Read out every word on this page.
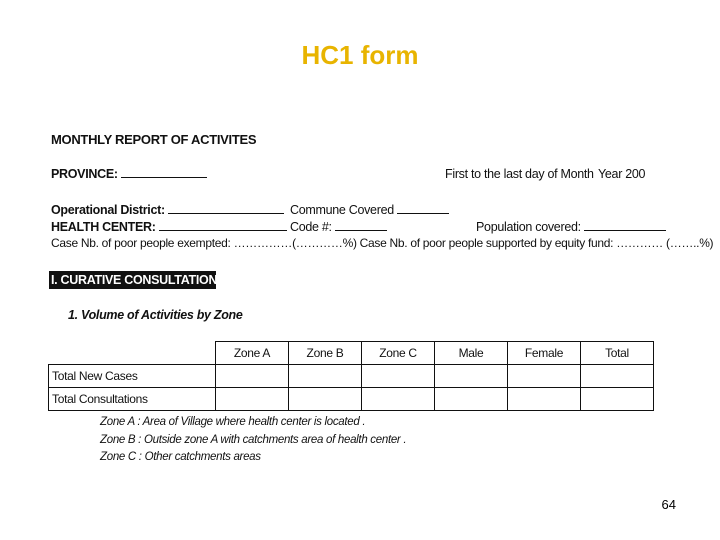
HC1 form
MONTHLY REPORT OF ACTIVITES
PROVINCE:	First to the last day of Month Year 200
Operational District:	Commune Covered
HEALTH CENTER:	Code #:	Population covered:
Case Nb. of poor people exempted: ……………(…………%) Case Nb. of poor people supported by equity fund: ………… (……..%)
I. CURATIVE CONSULTATION
1. Volume of Activities by Zone
	Zone A	Zone B	Zone C	Male	Female	Total
Total New Cases						
Total Consultations						
Zone A : Area of Village where health center is located .
Zone B : Outside zone A with catchments area of health center .
Zone C : Other catchments areas
64
